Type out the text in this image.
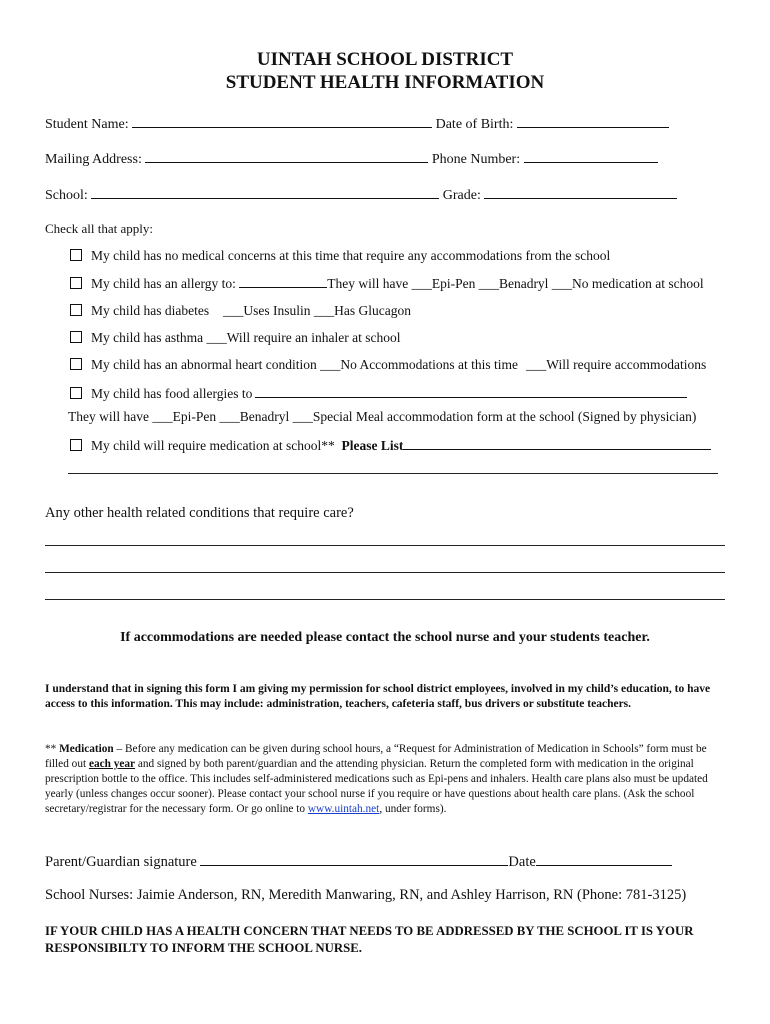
UINTAH SCHOOL DISTRICT
STUDENT HEALTH INFORMATION
Student Name:	Date of Birth:
Mailing Address:	Phone Number:
School:	Grade:
Check all that apply:
My child has no medical concerns at this time that require any accommodations from the school
My child has an allergy to:	They will have ___Epi-Pen ___Benadryl ___No medication at school
My child has diabetes ___Uses Insulin ___Has Glucagon
My child has asthma ___Will require an inhaler at school
My child has an abnormal heart condition ___No Accommodations at this time ___Will require accommodations
My child has food allergies to
They will have ___Epi-Pen ___Benadryl ___Special Meal accommodation form at the school (Signed by physician)
My child will require medication at school** Please List
Any other health related conditions that require care?
If accommodations are needed please contact the school nurse and your students teacher.
I understand that in signing this form I am giving my permission for school district employees, involved in my child’s education, to have access to this information. This may include: administration, teachers, cafeteria staff, bus drivers or substitute teachers.
** Medication – Before any medication can be given during school hours, a “Request for Administration of Medication in Schools” form must be filled out each year and signed by both parent/guardian and the attending physician. Return the completed form with medication in the original prescription bottle to the office. This includes self-administered medications such as Epi-pens and inhalers. Health care plans also must be updated yearly (unless changes occur sooner). Please contact your school nurse if you require or have questions about health care plans. (Ask the school secretary/registrar for the necessary form. Or go online to www.uintah.net, under forms).
Parent/Guardian signature	Date
School Nurses: Jaimie Anderson, RN, Meredith Manwaring, RN, and Ashley Harrison, RN (Phone: 781-3125)
IF YOUR CHILD HAS A HEALTH CONCERN THAT NEEDS TO BE ADDRESSED BY THE SCHOOL IT IS YOUR RESPONSIBILTY TO INFORM THE SCHOOL NURSE.
